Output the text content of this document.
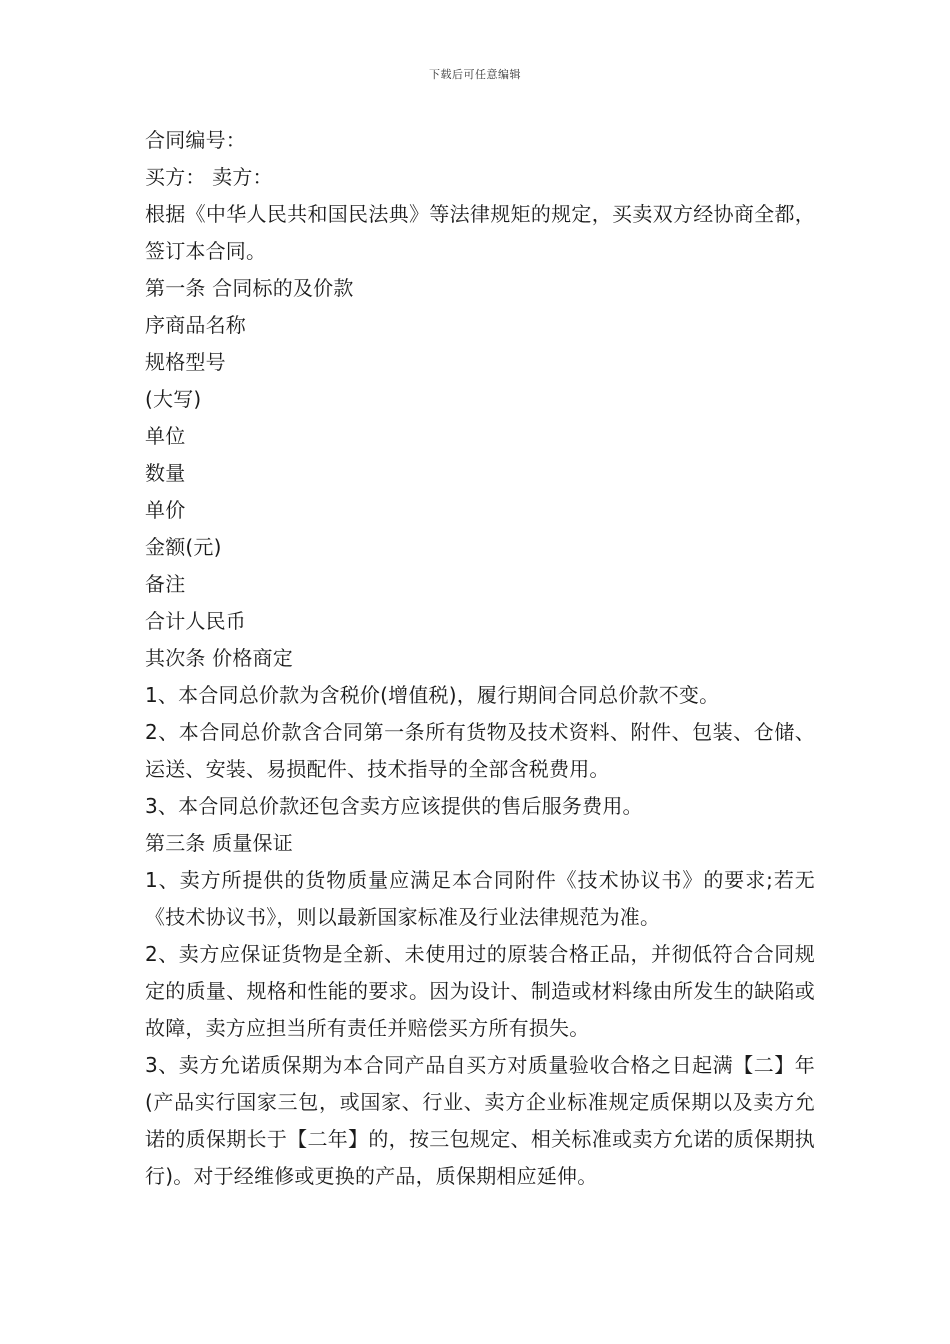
下载后可任意编辑
合同编号：
买方： 卖方：
根据《中华人民共和国民法典》等法律规矩的规定，买卖双方经协商全都，签订本合同。
第一条 合同标的及价款
序商品名称
规格型号
(大写)
单位
数量
单价
金额(元)
备注
合计人民币
其次条 价格商定
1、本合同总价款为含税价(增值税)，履行期间合同总价款不变。
2、本合同总价款含合同第一条所有货物及技术资料、附件、包装、仓储、运送、安装、易损配件、技术指导的全部含税费用。
3、本合同总价款还包含卖方应该提供的售后服务费用。
第三条 质量保证
1、卖方所提供的货物质量应满足本合同附件《技术协议书》的要求;若无《技术协议书》，则以最新国家标准及行业法律规范为准。
2、卖方应保证货物是全新、未使用过的原装合格正品，并彻低符合合同规定的质量、规格和性能的要求。因为设计、制造或材料缘由所发生的缺陷或故障，卖方应担当所有责任并赔偿买方所有损失。
3、卖方允诺质保期为本合同产品自买方对质量验收合格之日起满【二】年(产品实行国家三包，或国家、行业、卖方企业标准规定质保期以及卖方允诺的质保期长于【二年】的，按三包规定、相关标准或卖方允诺的质保期执行)。对于经维修或更换的产品，质保期相应延伸。
